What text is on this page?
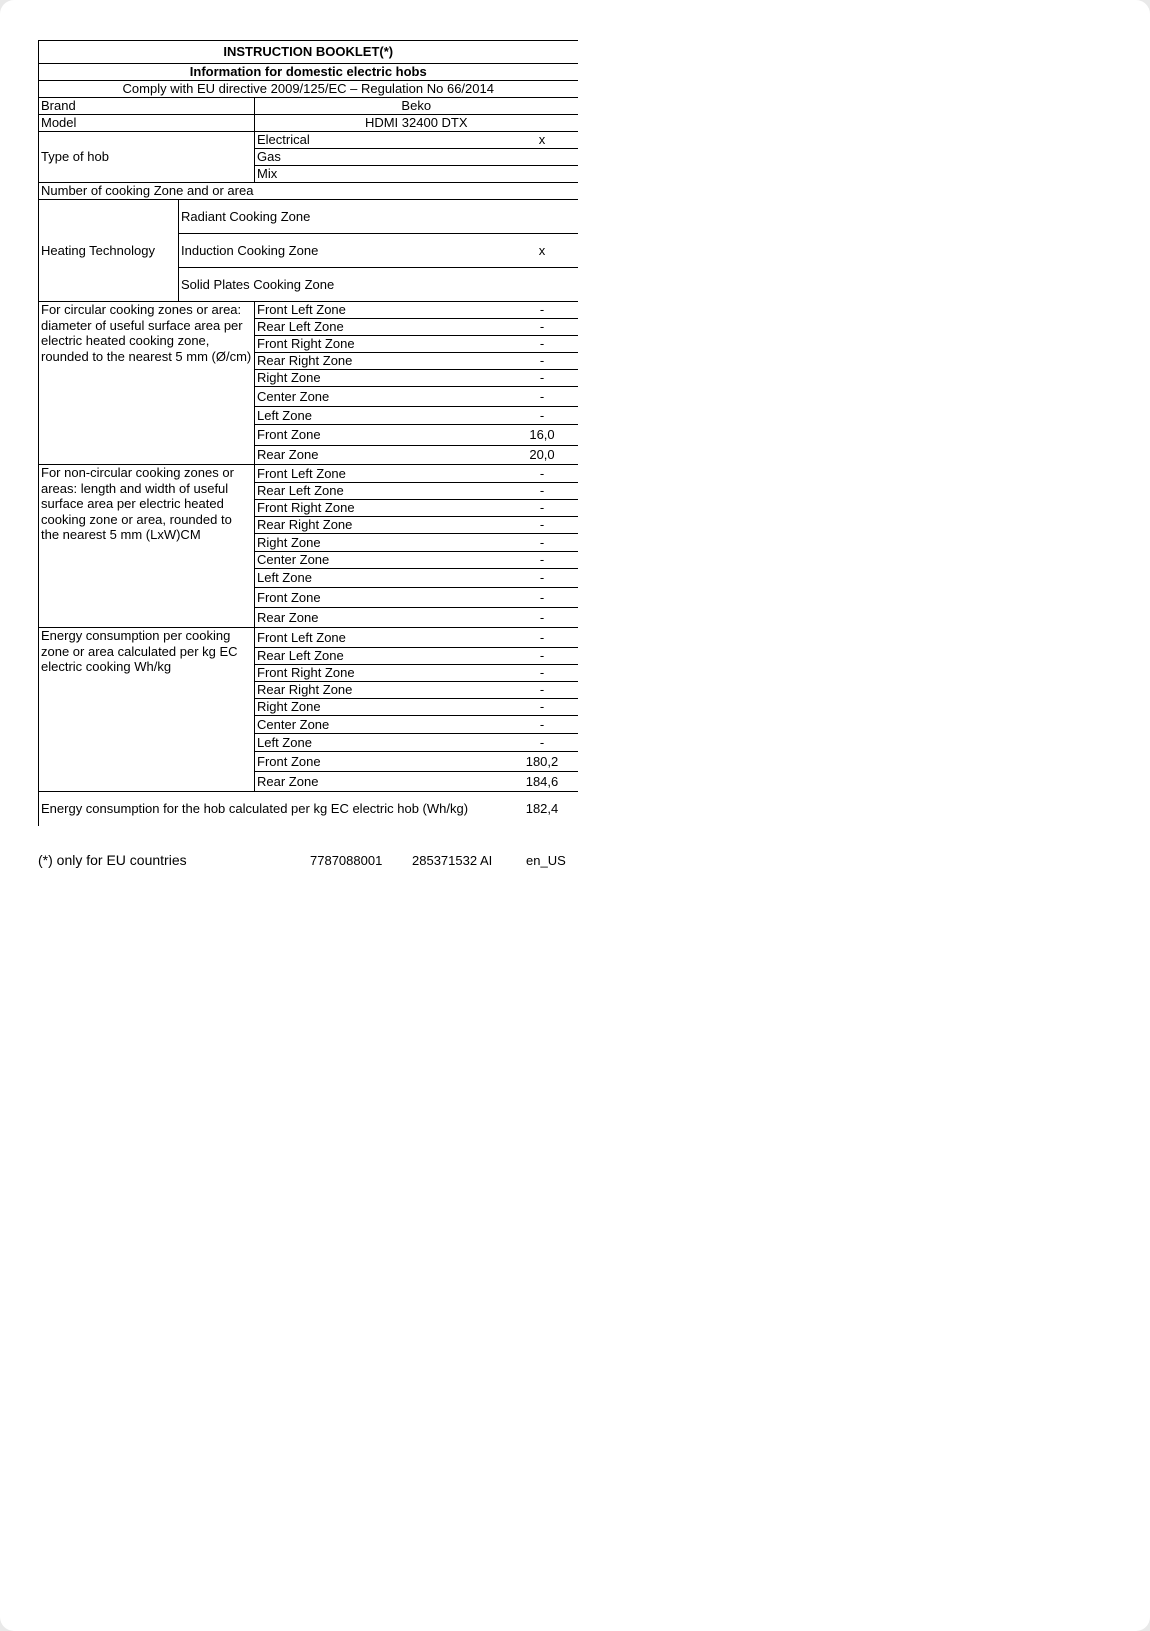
INSTRUCTION BOOKLET(*)			
Information for domestic electric hobs			
Comply with EU directive 2009/125/EC – Regulation No 66/2014			
Brand		Beko	
Model		HDMI 32400 DTX	
Type of hob		Electrical	x
		Gas	
		Mix	
Number of cooking Zone and or area			
Heating Technology	Radiant Cooking Zone		
	Induction Cooking Zone		x
	Solid Plates Cooking Zone		
For circular cooking zones or area: diameter of useful surface area per electric heated cooking zone, rounded to the nearest 5 mm (Ø/cm)		Front Left Zone	-
		Rear Left Zone	-
		Front Right Zone	-
		Rear Right Zone	-
		Right Zone	-
		Center Zone	-
		Left Zone	-
		Front Zone	16,0
		Rear Zone	20,0
For non-circular cooking zones or areas: length and width of useful surface area per electric heated cooking zone or area, rounded to the nearest 5 mm (LxW)CM		Front Left Zone	-
		Rear Left Zone	-
		Front Right Zone	-
		Rear Right Zone	-
		Right Zone	-
		Center Zone	-
		Left Zone	-
		Front Zone	-
		Rear Zone	-
Energy consumption per cooking zone or area calculated per kg EC electric cooking Wh/kg		Front Left Zone	-
		Rear Left Zone	-
		Front Right Zone	-
		Rear Right Zone	-
		Right Zone	-
		Center Zone	-
		Left Zone	-
		Front Zone	180,2
		Rear Zone	184,6
Energy consumption for the hob calculated per kg EC electric hob (Wh/kg)			182,4
(*) only for EU countries	7787088001 285371532 AI	en_US
